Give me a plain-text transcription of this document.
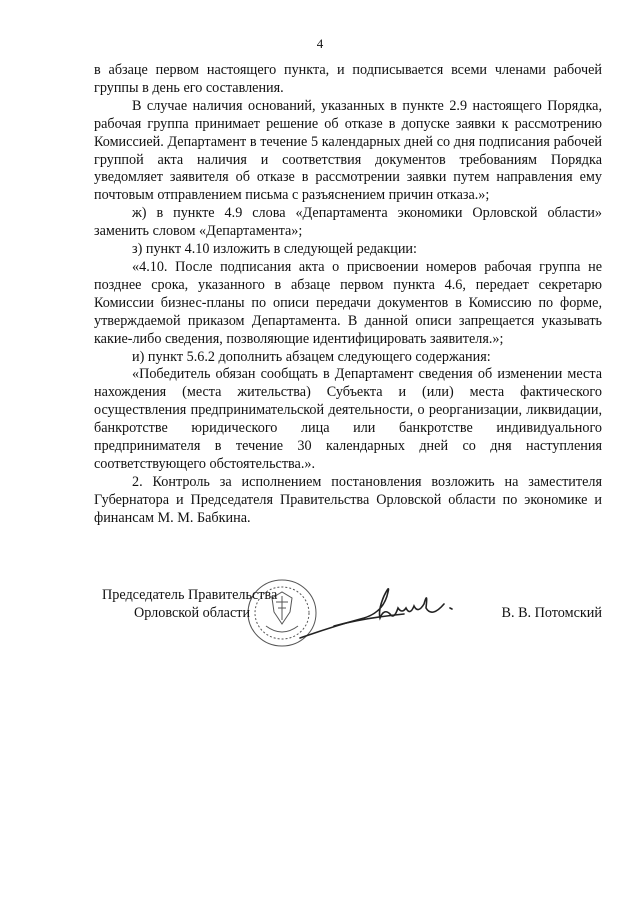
4

в абзаце первом настоящего пункта, и подписывается всеми членами рабочей группы в день его составления.

В случае наличия оснований, указанных в пункте 2.9 настоящего Порядка, рабочая группа принимает решение об отказе в допуске заявки к рассмотрению Комиссией. Департамент в течение 5 календарных дней со дня подписания рабочей группой акта наличия и соответствия документов требованиям Порядка уведомляет заявителя об отказе в рассмотрении заявки путем направления ему почтовым отправлением письма с разъяснением причин отказа.»;

ж) в пункте 4.9 слова «Департамента экономики Орловской области» заменить словом «Департамента»;

з) пункт 4.10 изложить в следующей редакции:

«4.10. После подписания акта о присвоении номеров рабочая группа не позднее срока, указанного в абзаце первом пункта 4.6, передает секретарю Комиссии бизнес-планы по описи передачи документов в Комиссию по форме, утверждаемой приказом Департамента. В данной описи запрещается указывать какие-либо сведения, позволяющие идентифицировать заявителя.»;

и) пункт 5.6.2 дополнить абзацем следующего содержания:

«Победитель обязан сообщать в Департамент сведения об изменении места нахождения (места жительства) Субъекта и (или) места фактического осуществления предпринимательской деятельности, о реорганизации, ликвидации, банкротстве юридического лица или банкротстве индивидуального предпринимателя в течение 30 календарных дней со дня наступления соответствующего обстоятельства.».

2. Контроль за исполнением постановления возложить на заместителя Губернатора и Председателя Правительства Орловской области по экономике и финансам М. М. Бабкина.

Председатель Правительства
Орловской области	В. В. Потомский
